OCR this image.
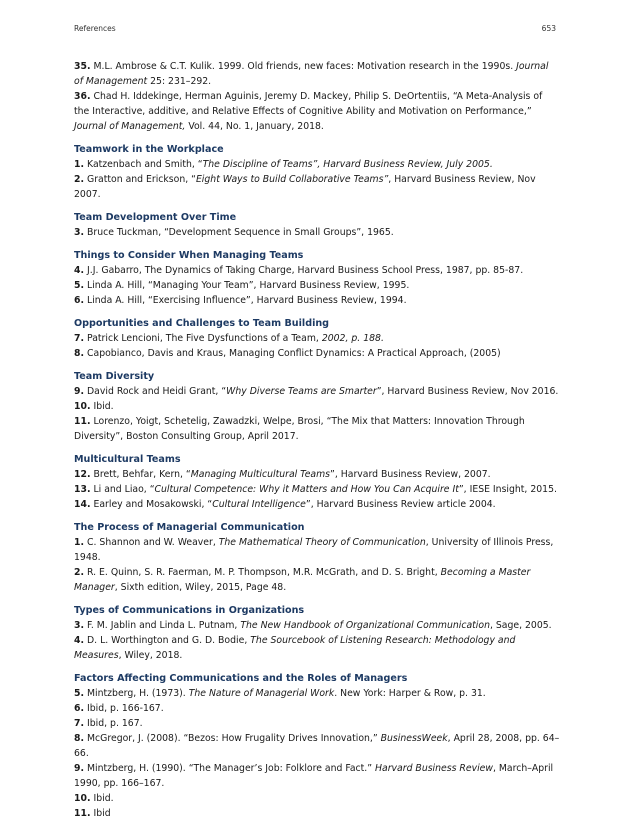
References	653

35. M.L. Ambrose & C.T. Kulik. 1999. Old friends, new faces: Motivation research in the 1990s. Journal of Management 25: 231–292.

36. Chad H. Iddekinge, Herman Aguinis, Jeremy D. Mackey, Philip S. DeOrtentiis, “A Meta-Analysis of the Interactive, additive, and Relative Effects of Cognitive Ability and Motivation on Performance,” Journal of Management, Vol. 44, No. 1, January, 2018.

Teamwork in the Workplace

1. Katzenbach and Smith, “The Discipline of Teams”, Harvard Business Review, July 2005.

2. Gratton and Erickson, “Eight Ways to Build Collaborative Teams”, Harvard Business Review, Nov 2007.

Team Development Over Time

3. Bruce Tuckman, “Development Sequence in Small Groups”, 1965.

Things to Consider When Managing Teams

4. J.J. Gabarro, The Dynamics of Taking Charge, Harvard Business School Press, 1987, pp. 85-87.

5. Linda A. Hill, “Managing Your Team”, Harvard Business Review, 1995.

6. Linda A. Hill, “Exercising Influence”, Harvard Business Review, 1994.

Opportunities and Challenges to Team Building

7. Patrick Lencioni, The Five Dysfunctions of a Team, 2002, p. 188.

8. Capobianco, Davis and Kraus, Managing Conflict Dynamics: A Practical Approach, (2005)

Team Diversity

9. David Rock and Heidi Grant, “Why Diverse Teams are Smarter”, Harvard Business Review, Nov 2016.

10. Ibid.

11. Lorenzo, Yoigt, Schetelig, Zawadzki, Welpe, Brosi, “The Mix that Matters: Innovation Through Diversity”, Boston Consulting Group, April 2017.

Multicultural Teams

12. Brett, Behfar, Kern, “Managing Multicultural Teams”, Harvard Business Review, 2007.

13. Li and Liao, “Cultural Competence: Why it Matters and How You Can Acquire It”, IESE Insight, 2015.

14. Earley and Mosakowski, “Cultural Intelligence”, Harvard Business Review article 2004.

The Process of Managerial Communication

1. C. Shannon and W. Weaver, The Mathematical Theory of Communication, University of Illinois Press, 1948.

2. R. E. Quinn, S. R. Faerman, M. P. Thompson, M.R. McGrath, and D. S. Bright, Becoming a Master Manager, Sixth edition, Wiley, 2015, Page 48.

Types of Communications in Organizations

3. F. M. Jablin and Linda L. Putnam, The New Handbook of Organizational Communication, Sage, 2005.

4. D. L. Worthington and G. D. Bodie, The Sourcebook of Listening Research: Methodology and Measures, Wiley, 2018.

Factors Affecting Communications and the Roles of Managers

5. Mintzberg, H. (1973). The Nature of Managerial Work. New York: Harper & Row, p. 31.

6. Ibid, p. 166-167.

7. Ibid, p. 167.

8. McGregor, J. (2008). “Bezos: How Frugality Drives Innovation,” BusinessWeek, April 28, 2008, pp. 64–66.

9. Mintzberg, H. (1990). “The Manager’s Job: Folklore and Fact.” Harvard Business Review, March–April 1990, pp. 166–167.

10. Ibid.

11. Ibid
